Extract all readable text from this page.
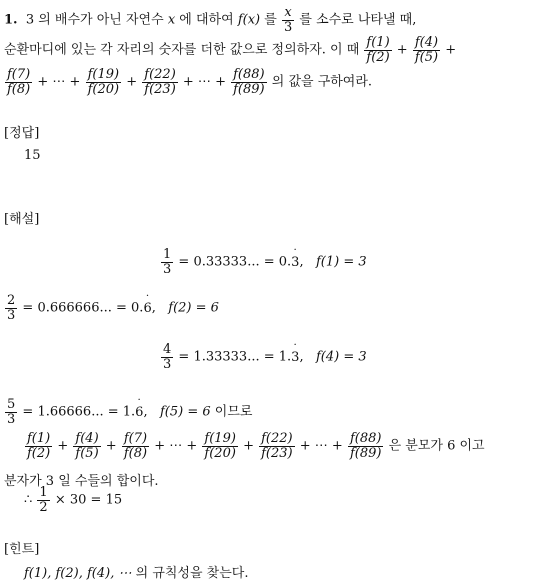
1. 3 의 배수가 아닌 자연수 x 에 대하여 f(x) 를 $\frac{x}{3}$ 를 소수로 나타낼 때,
순환마디에 있는 각 자리의 숫자를 더한 값으로 정의하자. 이 때 $\frac{f(1)}{f(2)} + \frac{f(4)}{f(5)}$ +
$\frac{f(7)}{f(8)}$ + ⋯ + $\frac{f(19)}{f(20)} + \frac{f(22)}{f(23)}$ + ⋯ + $\frac{f(88)}{f(89)}$ 의 값을 구하여라.
[정답]
15
[해설]
$\frac{1}{3} = 0.33333$... = 0.3 ˙, f(1) = 3
$\frac{2}{3} = 0.666666$... = 0.6 ˙, f(2) = 6
$\frac{4}{3} = 1.33333$... = 1.3 ˙, f(4) = 3
$\frac{5}{3} = 1.66666$... = 1.6 ˙, f(5) = 6 이므로
$\frac{f(1)}{f(2)} + \frac{f(4)}{f(5)} + \frac{f(7)}{f(8)}$ + ⋯ + $\frac{f(19)}{f(20)} + \frac{f(22)}{f(23)}$ + ⋯ + $\frac{f(88)}{f(89)}$ 은 분모가 6 이고
분자가 3 일 수들의 합이다.
∴ $\frac{1}{2} \times 30 = 15$
[힌트]
f(1), f(2), f(4), ⋯ 의 규칙성을 찾는다.
